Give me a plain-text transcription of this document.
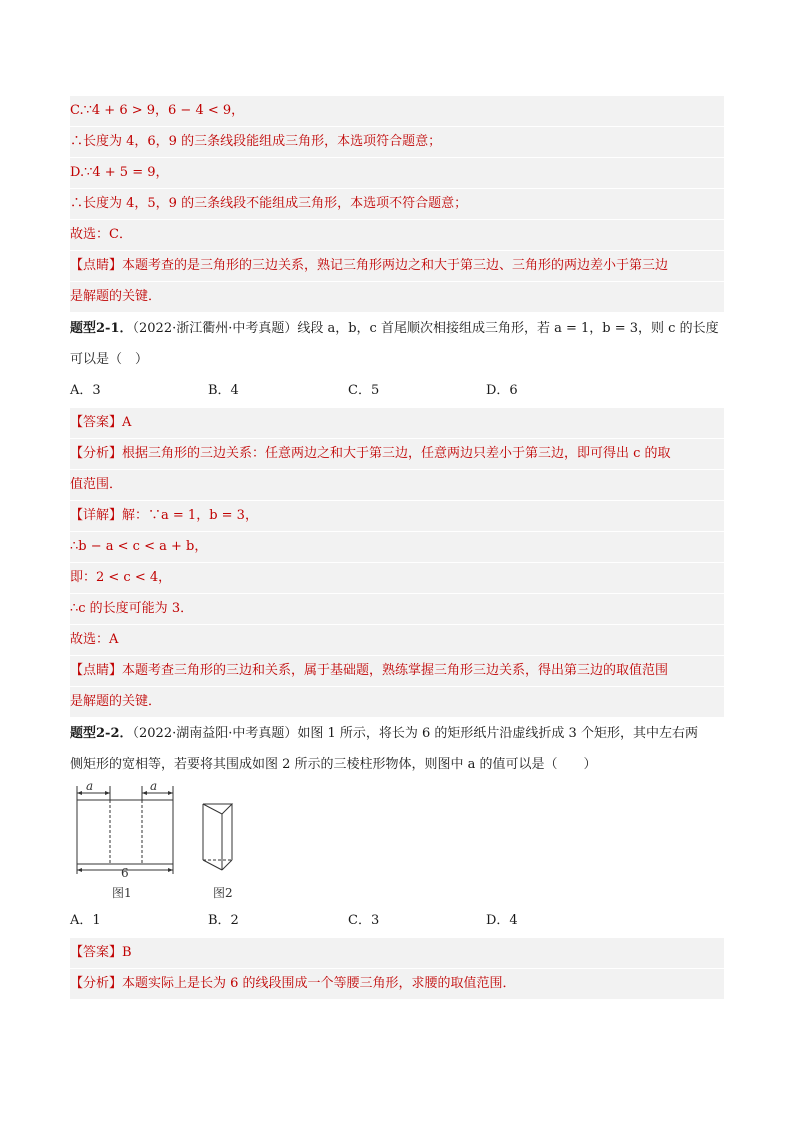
C.∵4 + 6 > 9，6 − 4 < 9，
∴长度为 4，6，9 的三条线段能组成三角形，本选项符合题意；
D.∵4 + 5 = 9，
∴长度为 4，5，9 的三条线段不能组成三角形，本选项不符合题意；
故选：C．
【点睛】本题考查的是三角形的三边关系，熟记三角形两边之和大于第三边、三角形的两边差小于第三边
是解题的关键．
题型2-1．（2022·浙江衢州·中考真题）线段 a，b，c 首尾顺次相接组成三角形，若 a = 1，b = 3，则 c 的长度
可以是（　）
A．3	B．4	C．5	D．6
【答案】A
【分析】根据三角形的三边关系：任意两边之和大于第三边，任意两边只差小于第三边，即可得出 c 的取
值范围．
【详解】解：∵a = 1，b = 3，
∴b − a < c < a + b，
即：2 < c < 4，
∴c 的长度可能为 3．
故选：A
【点睛】本题考查三角形的三边和关系，属于基础题，熟练掌握三角形三边关系，得出第三边的取值范围
是解题的关键．
题型2-2．（2022·湖南益阳·中考真题）如图 1 所示，将长为 6 的矩形纸片沿虚线折成 3 个矩形，其中左右两
侧矩形的宽相等，若要将其围成如图 2 所示的三棱柱形物体，则图中 a 的值可以是（　　）
a	a
6
图1	图2
A．1	B．2	C．3	D．4
【答案】B
【分析】本题实际上是长为 6 的线段围成一个等腰三角形，求腰的取值范围．
